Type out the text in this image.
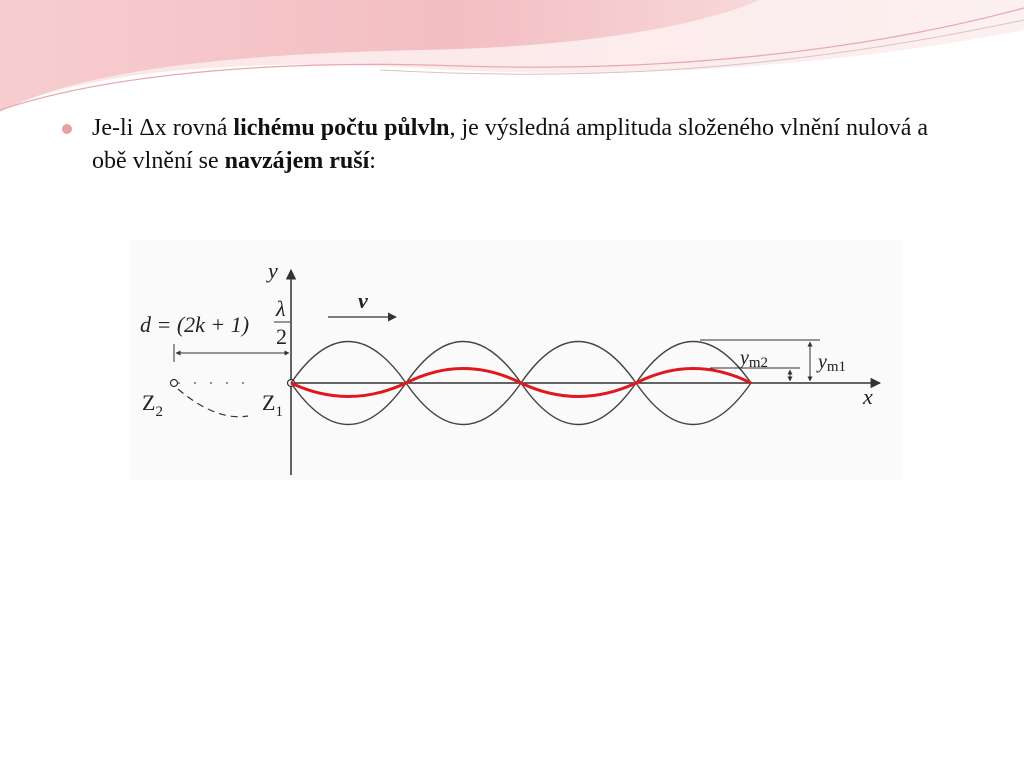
Je-li Δx rovná lichému počtu půlvln, je výsledná amplituda složeného vlnění nulová a obě vlnění se navzájem ruší:
y
x
v
d = (2k + 1)
λ
2
$Z_2$	$Z_1$
ym2 ym1
